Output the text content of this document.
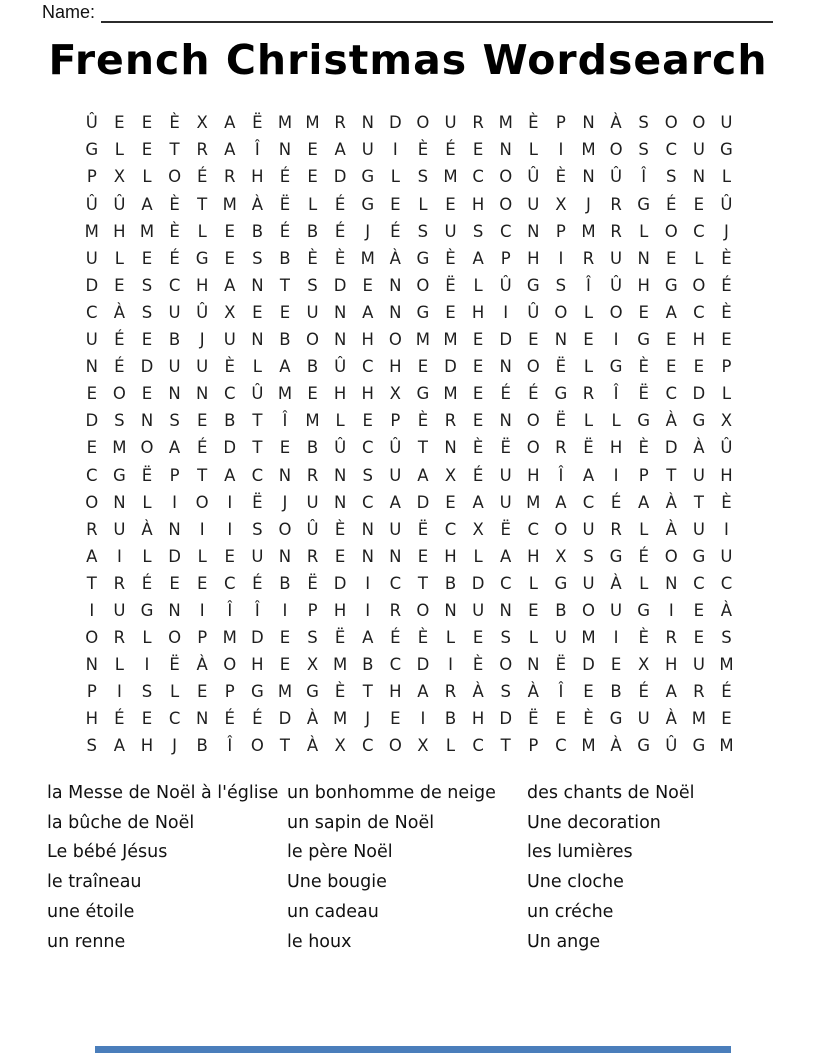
Name:
French Christmas Wordsearch
Û E	E	È	X A	Ë M M R N D O U R M È	P N À	S O O U
G	L	E	T	R A	Î	N E	A U	I	È	É	E N	L	I	M O S	C U G
P	X	L	O É	R H É	E D G	L	S M C O Û È N Û	Î	S N	L
Û Û A	È	T M À	Ë	L	É G E	L	E H O U X	J	R G É	E Û
M H M È	L	E	B	É	B	É	J	É	S U S	C N P M R	L	O C	J
U	L	E	É G E	S	B	È	È M À G È	A	P H	I	R U N E	L	È
D E	S	C H A N T	S D E N O Ë	L	Û G S	Î	Û H G O É
C À	S U Û X	E	E U N A N G E H	I	Û O L	O E	A C	È
U É	E	B	J	U N B O N H O M M E D E N E	I	G E H E
N É D U U È	L	A B Û C H E D E N O Ë	L	G È	E	E	P
E O E N N C Û M E H H X G M E	É	É G R	Î	Ë	C D	L
D S N S	E	B	T	Î	M L	E	P	È	R	E N O Ë	L	L	G À G X
E M O A	É D T	E	B Û C Û	T N È	Ë O R	Ë H È D À Û
C G Ë	P	T	A C N R N S U A X	É U H	Î	A	I	P	T	U H
O N	L	I	O	I	Ë	J	U N C A D E	A U M A C	É	A À	T	È
R U À N	I	I	S O Û È N U Ë	C X	Ë	C O U R	L	À U	I
A	I	L	D	L	E U N R	E N N E H	L	A H X	S G É O G U
T	R	É	E	E	C	É	B	Ë D	I	C	T	B D C	L	G U À	L	N C C
I	U G N	I	Î	Î	I	P H	I	R O N U N E	B O U G	I	E	À
O R	L	O P M D E	S	Ë	A	É	È	L	E	S	L	U M	I	È	R	E	S
N	L	I	Ë	À O H E	X M B C D	I	È O N Ë D E	X H U M
P	I	S	L	E	P G M G È	T H A R À	S	À	Î	E	B	É	A R	É
H É	E	C N É	É D À M	J	E	I	B H D Ë	E	È G U À M E
S	A H	J	B	Î	O T	À X C O X	L	C	T	P	C M À G Û G M
la Messe de Noël à l'église
la bûche de Noël
Le bébé Jésus
le traîneau
une étoile
un renne
un bonhomme de neige
un sapin de Noël
le père Noël
Une bougie
un cadeau
le houx
des chants de Noël
Une decoration
les lumières
Une cloche
un créche
Un ange
